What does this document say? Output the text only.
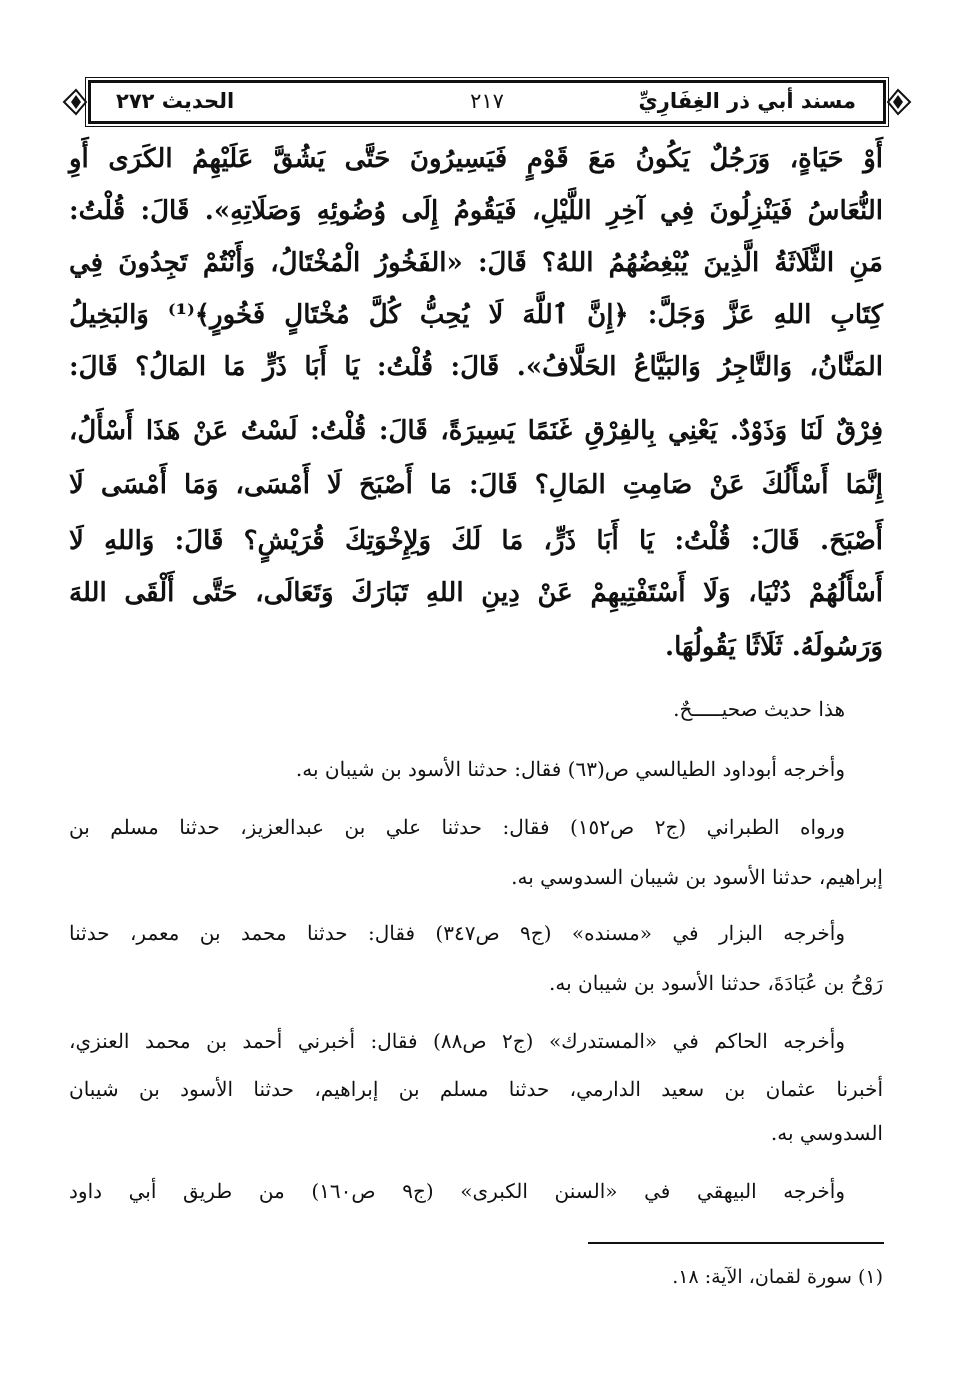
مسند أبي ذر الغِفَارِيِّ
٢١٧
الحديث ٢٧٢
أَوْ حَيَاةٍ، وَرَجُلٌ يَكُونُ مَعَ قَوْمٍ فَيَسِيرُونَ حَتَّى يَشُقَّ عَلَيْهِمُ الكَرَى أَوِ
النُّعَاسُ فَيَنْزِلُونَ فِي آخِرِ اللَّيْلِ، فَيَقُومُ إِلَى وُضُوئِهِ وَصَلَاتِهِ». قَالَ: قُلْتُ:
مَنِ الثَّلَاثَةُ الَّذِينَ يُبْغِضُهُمُ اللهُ؟ قَالَ: «الفَخُورُ الْمُخْتَالُ، وَأَنْتُمْ تَجِدُونَ فِي
كِتَابِ اللهِ عَزَّ وَجَلَّ: ﴿إِنَّ ٱللَّهَ لَا يُحِبُّ كُلَّ مُخْتَالٍ فَخُورٍ﴾⁽¹⁾ وَالبَخِيلُ
المَنَّانُ، وَالتَّاجِرُ وَالبَيَّاعُ الحَلَّافُ». قَالَ: قُلْتُ: يَا أَبَا ذَرٍّ مَا المَالُ؟ قَالَ:
فِرْقٌ لَنَا وَذَوْدٌ. يَعْنِي بِالفِرْقِ غَنَمًا يَسِيرَةً، قَالَ: قُلْتُ: لَسْتُ عَنْ هَذَا أَسْأَلُ،
إِنَّمَا أَسْأَلُكَ عَنْ صَامِتِ المَالِ؟ قَالَ: مَا أَصْبَحَ لَا أَمْسَى، وَمَا أَمْسَى لَا
أَصْبَحَ. قَالَ: قُلْتُ: يَا أَبَا ذَرٍّ، مَا لَكَ وَلِإِخْوَتِكَ قُرَيْشٍ؟ قَالَ: وَاللهِ لَا
أَسْأَلُهُمْ دُنْيَا، وَلَا أَسْتَفْتِيهِمْ عَنْ دِينِ اللهِ تَبَارَكَ وَتَعَالَى، حَتَّى أَلْقَى اللهَ
وَرَسُولَهُ. ثَلَاثًا يَقُولُهَا.
هذا حديث صحيـــــحٌ.
وأخرجه أبوداود الطيالسي ص(٦٣) فقال: حدثنا الأسود بن شيبان به.
ورواه الطبراني (ج٢ ص١٥٢) فقال: حدثنا علي بن عبدالعزيز، حدثنا مسلم بن
إبراهيم، حدثنا الأسود بن شيبان السدوسي به.
وأخرجه البزار في «مسنده» (ج٩ ص٣٤٧) فقال: حدثنا محمد بن معمر، حدثنا
رَوْحُ بن عُبَادَةَ، حدثنا الأسود بن شيبان به.
وأخرجه الحاكم في «المستدرك» (ج٢ ص٨٨) فقال: أخبرني أحمد بن محمد العنزي،
أخبرنا عثمان بن سعيد الدارمي، حدثنا مسلم بن إبراهيم، حدثنا الأسود بن شيبان
السدوسي به.
وأخرجه البيهقي في «السنن الكبرى» (ج٩ ص١٦٠) من طريق أبي داود
(١) سورة لقمان، الآية: ١٨.
